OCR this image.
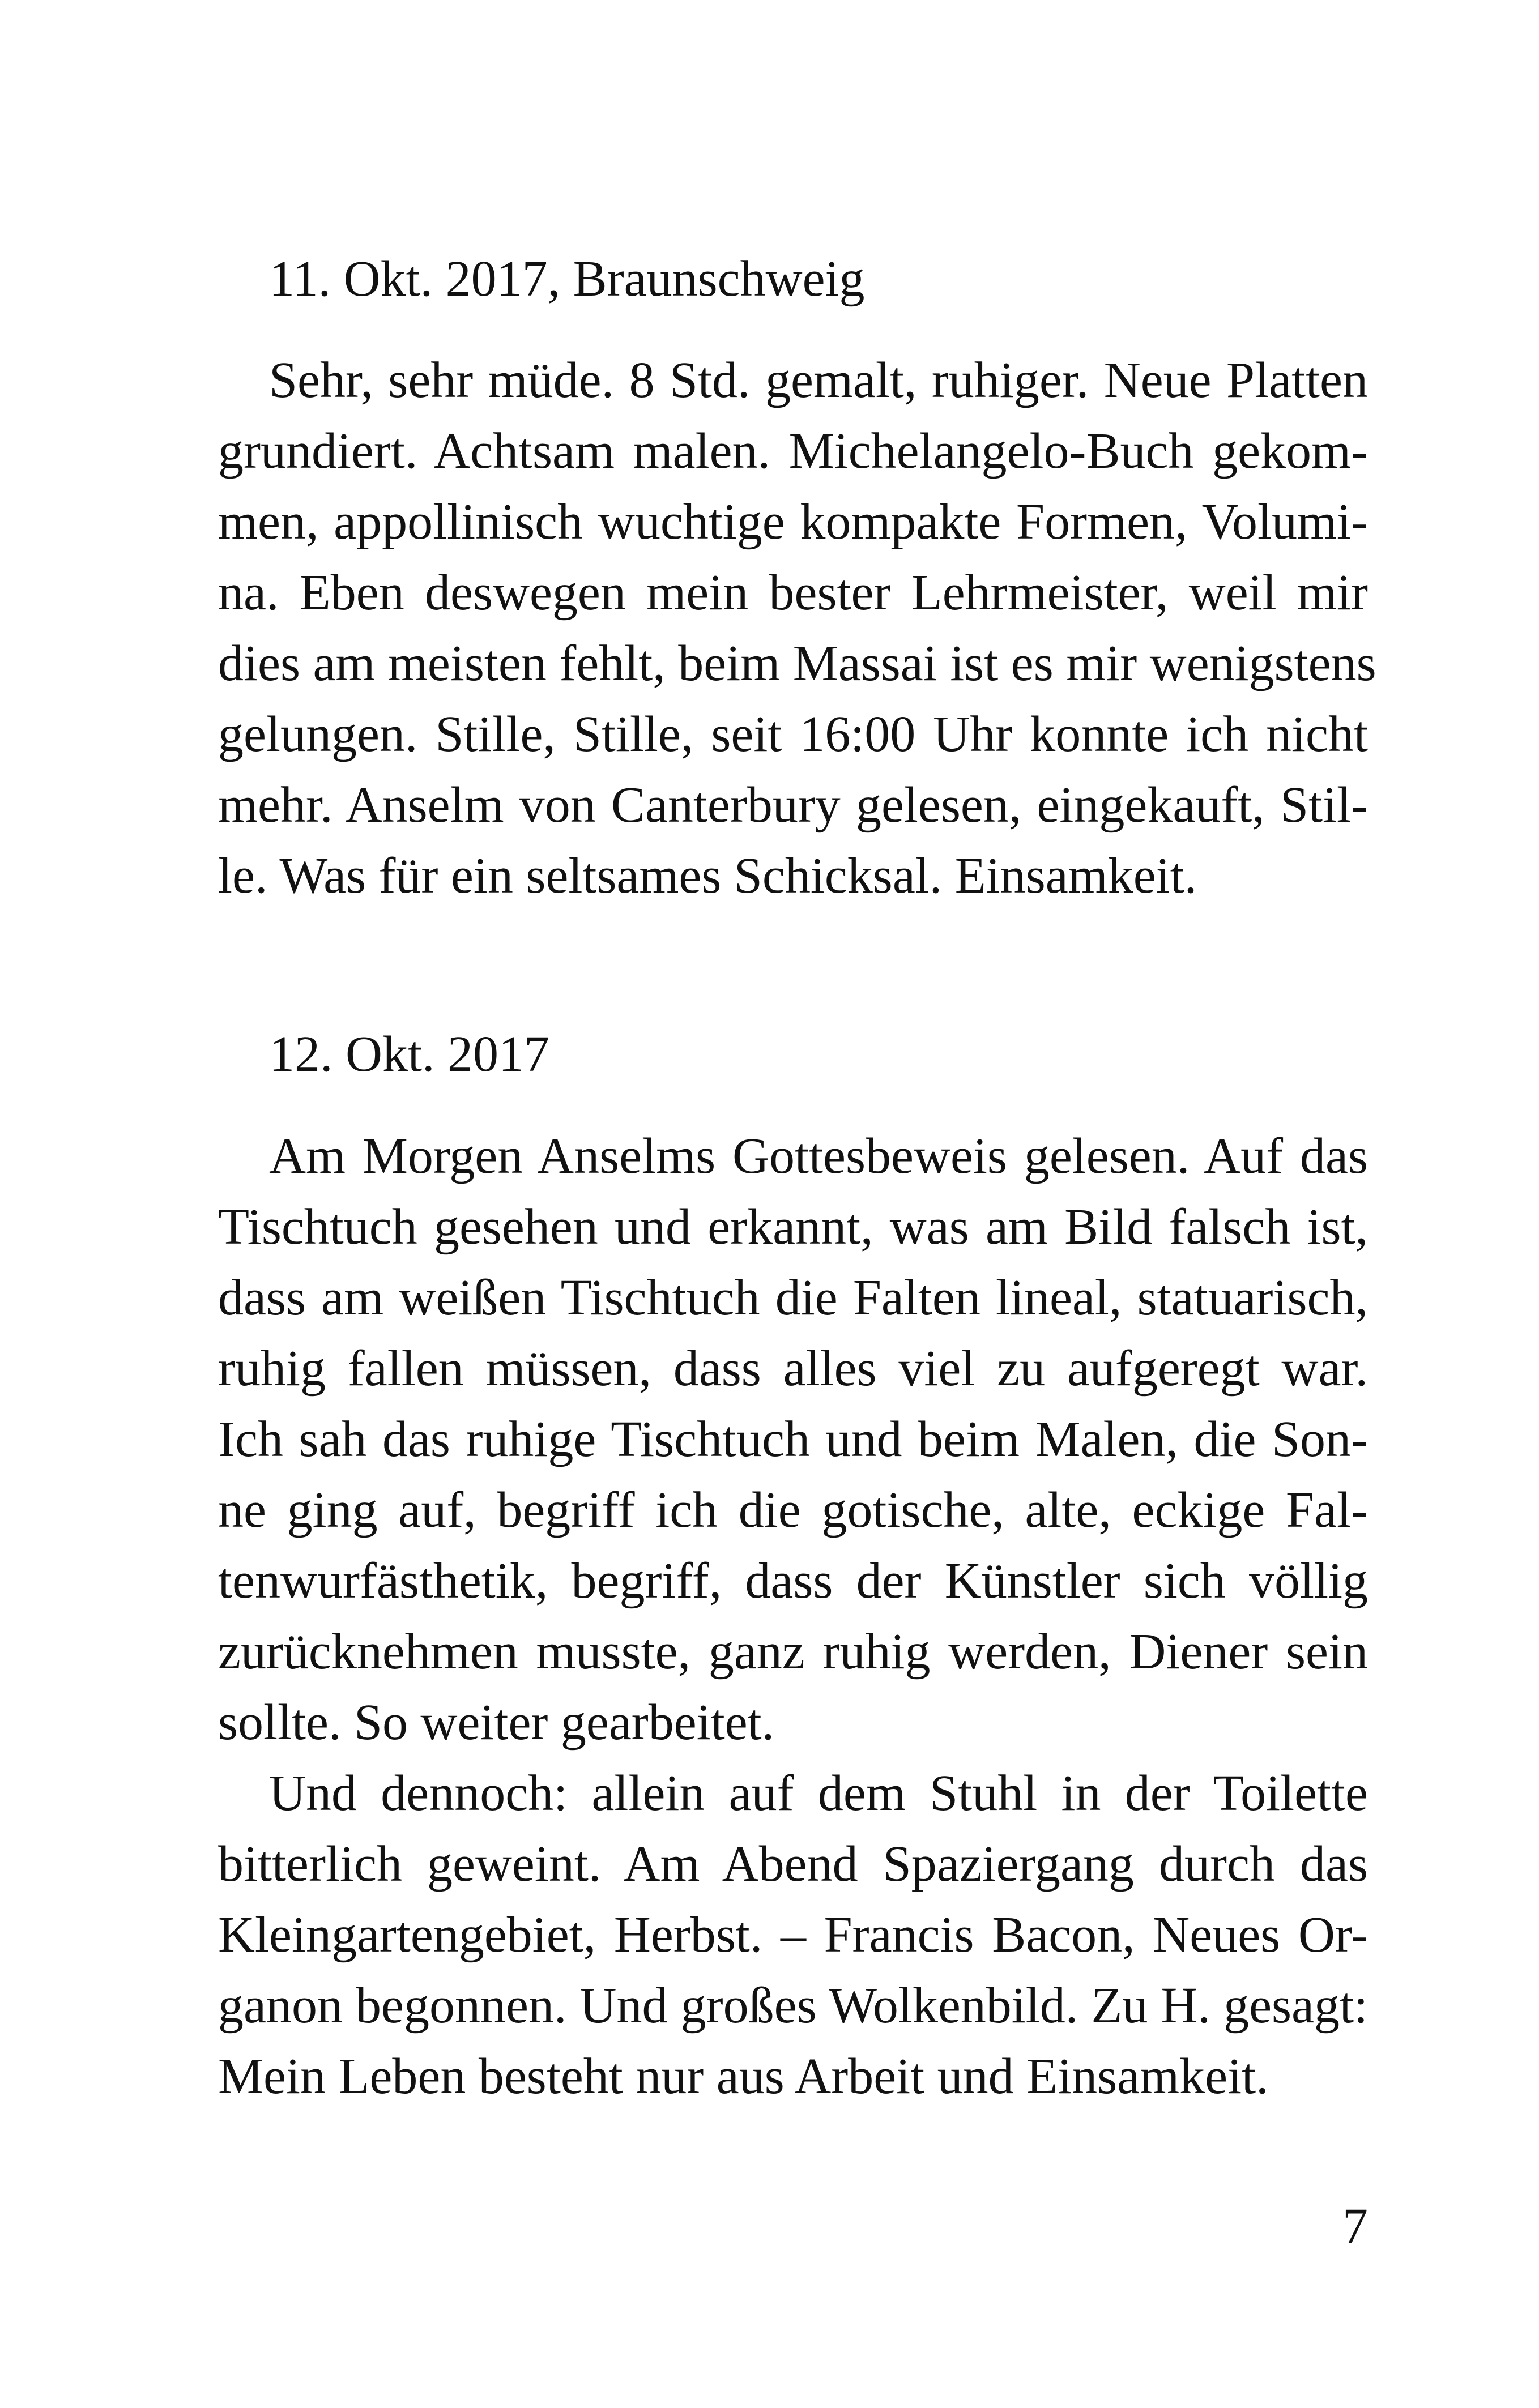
11. Okt. 2017, Braunschweig
Sehr, sehr müde. 8 Std. gemalt, ruhiger. Neue Platten
grundiert. Achtsam malen. Michelangelo-Buch gekom-
men, appollinisch wuchtige kompakte Formen, Volumi-
na. Eben deswegen mein bester Lehrmeister, weil mir
dies am meisten fehlt, beim Massai ist es mir wenigstens
gelungen. Stille, Stille, seit 16:00 Uhr konnte ich nicht
mehr. Anselm von Canterbury gelesen, eingekauft, Stil-
le. Was für ein seltsames Schicksal. Einsamkeit.
12. Okt. 2017
Am Morgen Anselms Gottesbeweis gelesen. Auf das
Tischtuch gesehen und erkannt, was am Bild falsch ist,
dass am weißen Tischtuch die Falten lineal, statuarisch,
ruhig fallen müssen, dass alles viel zu aufgeregt war.
Ich sah das ruhige Tischtuch und beim Malen, die Son-
ne ging auf, begriff ich die gotische, alte, eckige Fal-
tenwurfästhetik, begriff, dass der Künstler sich völlig
zurücknehmen musste, ganz ruhig werden, Diener sein
sollte. So weiter gearbeitet.
Und dennoch: allein auf dem Stuhl in der Toilette
bitterlich geweint. Am Abend Spaziergang durch das
Kleingartengebiet, Herbst. – Francis Bacon, Neues Or-
ganon begonnen. Und großes Wolkenbild. Zu H. gesagt:
Mein Leben besteht nur aus Arbeit und Einsamkeit.
7
